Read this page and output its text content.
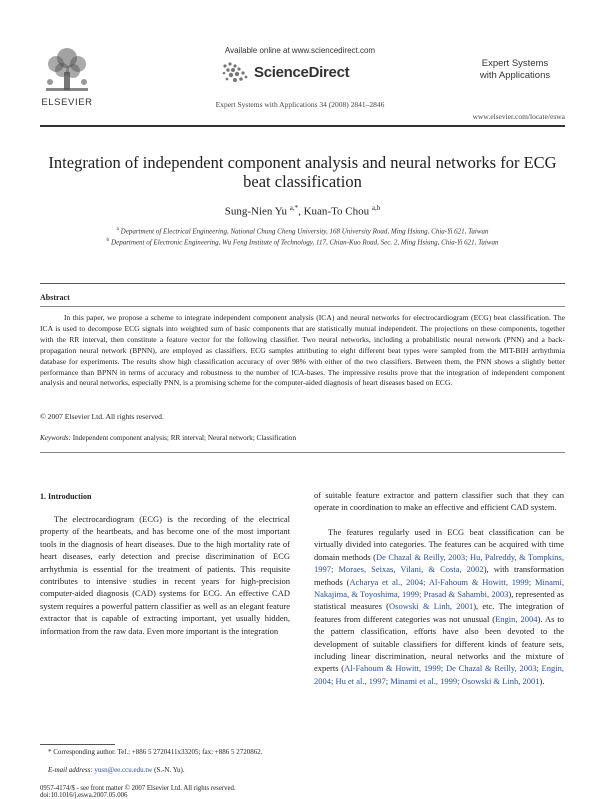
ELSEVIER
Available online at www.sciencedirect.com
ScienceDirect
Expert Systems with Applications 34 (2008) 2841–2846
Expert Systems
with Applications
www.elsevier.com/locate/eswa
Integration of independent component analysis and neural networks for ECG beat classification
Sung-Nien Yu $^{a,*}$, Kuan-To Chou $^{a,b}$
$^a$ Department of Electrical Engineering, National Chung Cheng University, 168 University Road, Ming Hsiung, Chia-Yi 621, Taiwan
$^b$ Department of Electronic Engineering, Wu Feng Institute of Technology, 117, Chian-Kuo Road, Sec. 2, Ming Hsiung, Chia-Yi 621, Taiwan
Abstract
In this paper, we propose a scheme to integrate independent component analysis (ICA) and neural networks for electrocardiogram (ECG) beat classification. The ICA is used to decompose ECG signals into weighted sum of basic components that are statistically mutual independent. The projections on these components, together with the RR interval, then constitute a feature vector for the following classifier. Two neural networks, including a probabilistic neural network (PNN) and a back-propagation neural network (BPNN), are employed as classifiers. ECG samples attributing to eight different beat types were sampled from the MIT-BIH arrhythmia database for experiments. The results show high classification accuracy of over 98% with either of the two classifiers. Between them, the PNN shows a slightly better performance than BPNN in terms of accuracy and robustness to the number of ICA-bases. The impressive results prove that the integration of independent component analysis and neural networks, especially PNN, is a promising scheme for the computer-aided diagnosis of heart diseases based on ECG.
© 2007 Elsevier Ltd. All rights reserved.
Keywords: Independent component analysis; RR interval; Neural network; Classification
1. Introduction
The electrocardiogram (ECG) is the recording of the electrical property of the heartbeats, and has become one of the most important tools in the diagnosis of heart diseases. Due to the high mortality rate of heart diseases, early detection and precise discrimination of ECG arrhythmia is essential for the treatment of patients. This requisite contributes to intensive studies in recent years for high-precision computer-aided diagnosis (CAD) systems for ECG. An effective CAD system requires a powerful pattern classifier as well as an elegant feature extractor that is capable of extracting important, yet usually hidden, information from the raw data. Even more important is the integration
of suitable feature extractor and pattern classifier such that they can operate in coordination to make an effective and efficient CAD system.
The features regularly used in ECG beat classification can be virtually divided into categories. The features can be acquired with time domain methods (De Chazal & Reilly, 2003; Hu, Palreddy, & Tompkins, 1997; Moraes, Seixas, Vilani, & Costa, 2002), with transformation methods (Acharya et al., 2004; Al-Fahoum & Howitt, 1999; Minami, Nakajima, & Toyoshima, 1999; Prasad & Sahambi, 2003), represented as statistical measures (Osowski & Linh, 2001), etc. The integration of features from different categories was not unusual (Engin, 2004). As to the pattern classification, efforts have also been devoted to the development of suitable classifiers for different kinds of feature sets, including linear discrimination, neural networks and the mixture of experts (Al-Fahoum & Howitt, 1999; De Chazal & Reilly, 2003; Engin, 2004; Hu et al., 1997; Minami et al., 1999; Osowski & Linh, 2001).
* Corresponding author. Tel.: +886 5 2720411x33205; fax: +886 5 2720862.
E-mail address: yusn@ee.ccu.edu.tw (S.-N. Yu).
0957-4174/$ - see front matter © 2007 Elsevier Ltd. All rights reserved.
doi:10.1016/j.eswa.2007.05.006
